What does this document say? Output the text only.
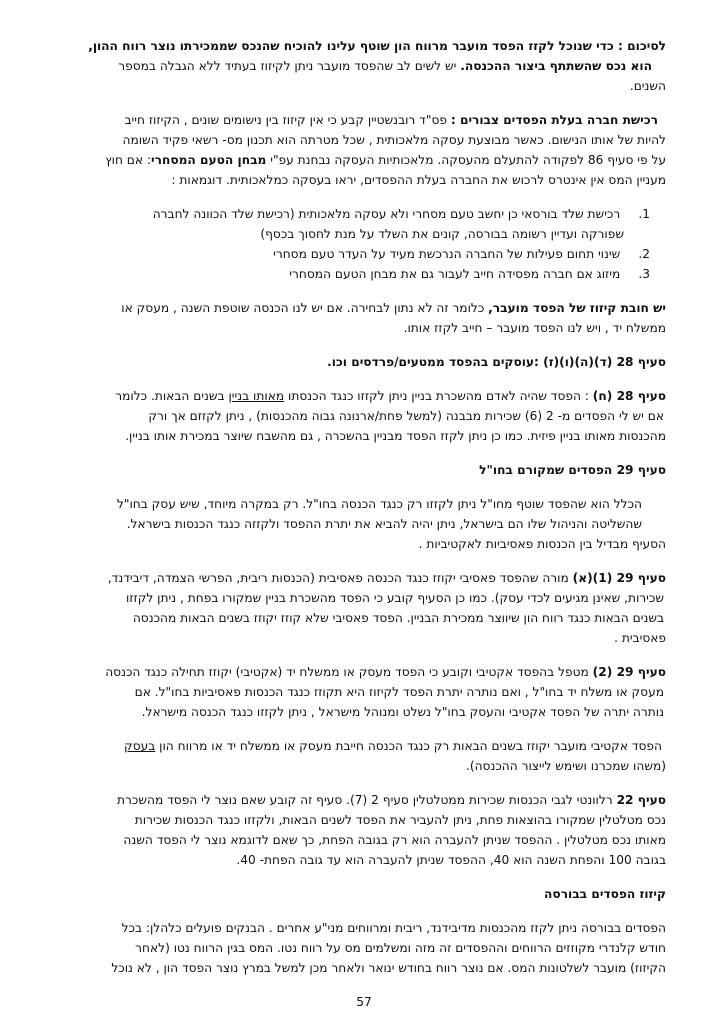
לסיכום : כדי שנוכל לקזז הפסד מועבר מרווח הון שוטף עלינו להוכיח שהנכס שממכירתו נוצר רווח ההון,
הוא נכס שהשתתף ביצור ההכנסה. יש לשים לב שהפסד מועבר ניתן לקיזוז בעתיד ללא הגבלה במספר
השנים.
רכישת חברה בעלת הפסדים צבורים : פס"ד רובנשטיין קבע כי אין קיזוז בין נישומים שונים , הקיזוז חייב
להיות של אותו הנישום. כאשר מבוצעת עסקה מלאכותית , שכל מטרתה הוא תכנון מס- רשאי פקיד השומה
על פי סעיף 86 לפקודה להתעלם מהעסקה. מלאכותיות העסקה נבחנת עפ"י מבחן הטעם המסחרי: אם חוץ
מעניין המס אין אינטרס לרכוש את החברה בעלת ההפסדים, יראו בעסקה כמלאכותית. דוגמאות :
1.  רכישת שלד בורסאי כן יחשב טעם מסחרי ולא עסקה מלאכותית (רכישת שלד הכוונה לחברה
שפורקה ועדיין רשומה בבורסה, קונים את השלד על מנת לחסוך בכסף)
2.  שינוי תחום פעילות של החברה הנרכשת מעיד על העדר טעם מסחרי
3.  מיזוג אם חברה מפסידה חייב לעבור גם את מבחן הטעם המסחרי
יש חובת קיזוז של הפסד מועבר, כלומר זה לא נתון לבחירה. אם יש לנו הכנסה שוטפת השנה , מעסק או
ממשלח יד , ויש לנו הפסד מועבר – חייב לקזז אותו.
סעיף 28 (ד)(ה)(ו)(ז) :עוסקים בהפסד ממטעים/פרדסים וכו.
סעיף 28 (ח) : הפסד שהיה לאדם מהשכרת בניין ניתן לקזזו כנגד הכנסתו מאותו בניין בשנים הבאות. כלומר
אם יש לי הפסדים מ- 2 (6) שכירות מבבנה (למשל פחת/ארנונה גבוה מהכנסות) , ניתן לקזזם אך ורק
מהכנסות מאותו בניין פיזית. כמו כן ניתן לקזז הפסד מבניין בהשכרה , גם מהשבח שיוצר במכירת אותו בניין.
סעיף 29 הפסדים שמקורם בחו"ל
הכלל הוא שהפסד שוטף מחו"ל ניתן לקזזו רק כנגד הכנסה בחו"ל. רק במקרה מיוחד, שיש עסק בחו"ל
שהשליטה והניהול שלו הם בישראל, ניתן יהיה להביא את יתרת ההפסד ולקזזה כנגד הכנסות בישראל.
הסעיף מבדיל בין הכנסות פאסיביות לאקטיביות .
סעיף 29 (1)(א) מורה שהפסד פאסיבי יקוזז כנגד הכנסה פאסיבית (הכנסות ריבית, הפרשי הצמדה, דיבידנד,
שכירות, שאינן מגיעים לכדי עסק). כמו כן הסעיף קובע כי הפסד מהשכרת בניין שמקורו בפחת , ניתן לקזזו
בשנים הבאות כנגד רווח הון שיווצר ממכירת הבניין. הפסד פאסיבי שלא קוזז יקוזז בשנים הבאות מהכנסה
פאסיבית .
סעיף 29 (2) מטפל בהפסד אקטיבי וקובע כי הפסד מעסק או ממשלח יד (אקטיבי) יקוזז תחילה כנגד הכנסה
מעסק או משלח יד בחו"ל , ואם נותרה יתרת הפסד לקיזוז היא תקוזז כנגד הכנסות פאסיביות בחו"ל. אם
נותרה יתרה של הפסד אקטיבי והעסק בחו"ל נשלט ומנוהל מישראל , ניתן לקזזו כנגד הכנסה מישראל.
הפסד אקטיבי מועבר יקוזז בשנים הבאות רק כנגד הכנסה חייבת מעסק או ממשלח יד או מרווח הון בעסק
(משהו שמכרנו ושימש לייצור ההכנסה).
סעיף 22 רלוונטי לגבי הכנסות שכירות ממטלטלין סעיף 2 (7). סעיף זה קובע שאם נוצר לי הפסד מהשכרת
נכס מטלטלין שמקורו בהוצאות פחת, ניתן להעביר את הפסד לשנים הבאות, ולקזזו כנגד הכנסות שכירות
מאותו נכס מטלטלין . ההפסד שניתן להעברה הוא רק בגובה הפחת, כך שאם לדוגמא נוצר לי הפסד השנה
בגובה 100 והפחת השנה הוא 40, ההפסד שניתן להעברה הוא עד גובה הפחת- 40.
קיזוז הפסדים בבורסה
הפסדים בבורסה ניתן לקזז מהכנסות מדיבידנד, ריבית ומרווחים מני"ע אחרים . הבנקים פועלים כלהלן: בכל
חודש קלנדרי מקוזזים הרווחים וההפסדים זה מזה ומשלמים מס על רווח נטו. המס בגין הרווח נטו (לאחר
הקיזוז) מועבר לשלטונות המס. אם נוצר רווח בחודש ינואר ולאחר מכן למשל במרץ נוצר הפסד הון , לא נוכל
57
